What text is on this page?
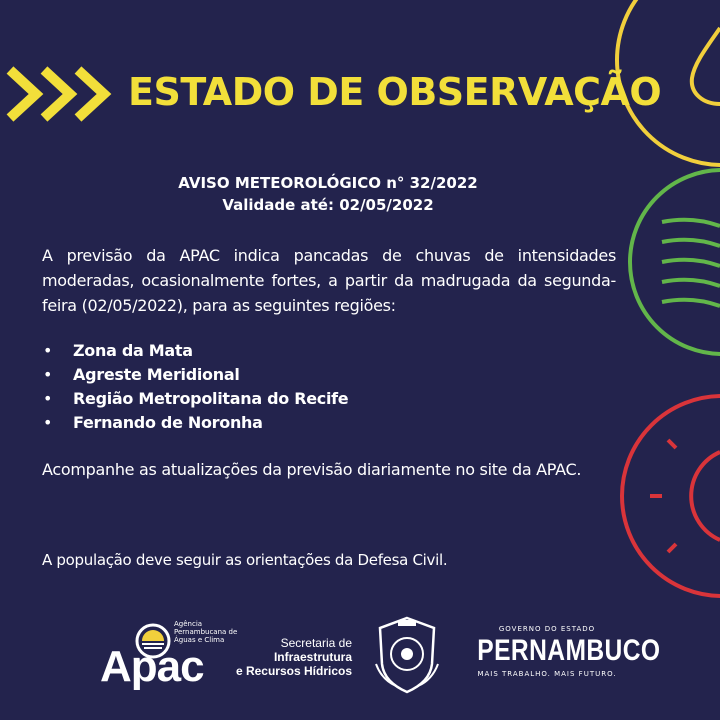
ESTADO DE OBSERVAÇÃO
AVISO METEOROLÓGICO n° 32/2022
Validade até: 02/05/2022
A previsão da APAC indica pancadas de chuvas de intensidades moderadas, ocasionalmente fortes, a partir da madrugada da segunda-feira (02/05/2022), para as seguintes regiões:
• Zona da Mata
• Agreste Meridional
• Região Metropolitana do Recife
• Fernando de Noronha
Acompanhe as atualizações da previsão diariamente no site da APAC.
A população deve seguir as orientações da Defesa Civil.
Agência Pernambucana de Águas e Clima
Apac	Secretaria de
Infraestrutura
e Recursos Hídricos
GOVERNO DO ESTADO
PERNAMBUCO
MAIS TRABALHO. MAIS FUTURO.
